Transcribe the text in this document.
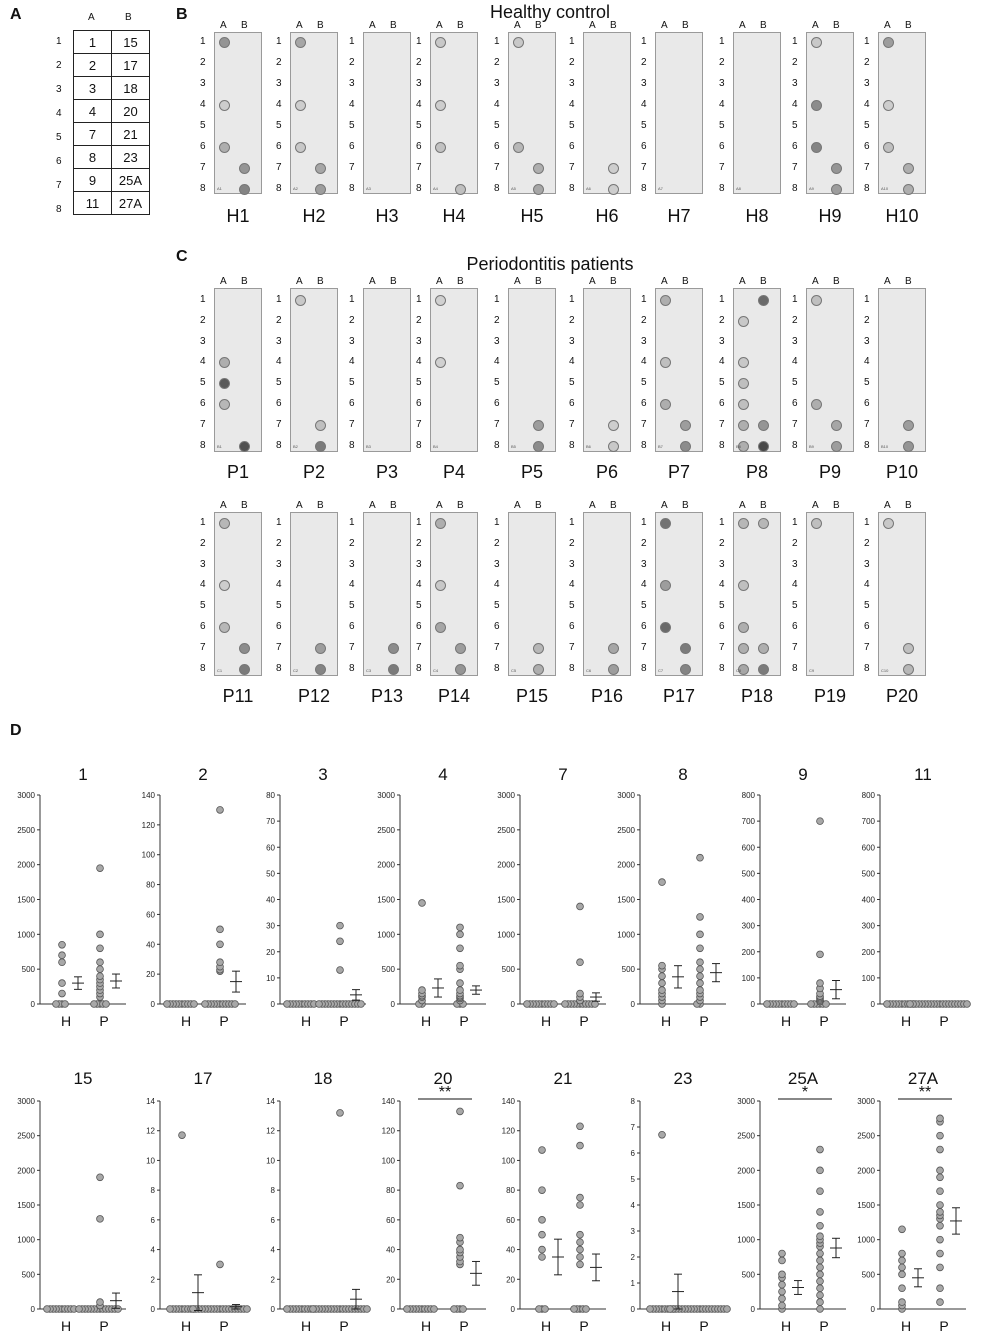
A	B
C
D
A	B
1
2
3
4
5
6
7
8
1	15
2	17
3	18
4	20
7	21
8	23
9	25A
11	27A
Healthy control
Periodontitis patients
A B
1
2
3
4
5
6
7
8	A1
H1
A B
1
2
3
4
5
6
7
8	A2
H2
A B
1
2
3
4
5
6
7
8	A3
H3
A B
1
2
3
4
5
6
7
8	A4
H4
A B
1
2
3
4
5
6
7
8	A5
H5
A B
1
2
3
4
5
6
7
8	A6
H6
A B
1
2
3
4
5
6
7
8	A7
H7
A B
1
2
3
4
5
6
7
8	A8
H8
A B
1
2
3
4
5
6
7
8	A9
H9
A B
1
2
3
4
5
6
7
8	A10
H10
A B
1
2
3
4
5
6
7
8	B1
P1
A B
1
2
3
4
5
6
7
8	B2
P2
A B
1
2
3
4
5
6
7
8	B3
P3
A B
1
2
3
4
5
6
7
8	B4
P4
A B
1
2
3
4
5
6
7
8	B5
P5
A B
1
2
3
4
5
6
7
8	B6
P6
A B
1
2
3
4
5
6
7
8	B7
P7
A B
1
2
3
4
5
6
7
8	B8
P8
A B
1
2
3
4
5
6
7
8	B9
P9
A B
1
2
3
4
5
6
7
8	B10
P10
A B
1
2
3
4
5
6
7
8	C1
P11
A B
1
2
3
4
5
6
7
8	C2
P12
A B
1
2
3
4
5
6
7
8	C3
P13
A B
1
2
3
4
5
6
7
8	C4
P14
A B
1
2
3
4
5
6
7
8	C5
P15
A B
1
2
3
4
5
6
7
8	C6
P16
A B
1
2
3
4
5
6
7
8	C7
P17
A B
1
2
3
4
5
6
7
8	C8
P18
A B
1
2
3
4
5
6
7
8	C9
P19
A B
1
2
3
4
5
6
7
8	C10
P20
1
0
500
1000
1500
2000
2500
3000
H P
2
0
20
40
60
80
100
120
140
H P
3
0
10
20
30
40
50
60
70
80
H P
4
0
500
1000
1500
2000
2500
3000
H P
7
0
500
1000
1500
2000
2500
3000
H P
8
0
500
1000
1500
2000
2500
3000
H P
9
0
100
200
300
400
500
600
700
800
H P
11
0
100
200
300
400
500
600
700
800
H P
15
0
500
1000
1500
2000
2500
3000
H P
17
0
2
4
6
8
10
12
14
H P
18
0
2
4
6
8
10
12
14
H P
20
0
20
40
60
80
100
120
140
H P
**
21
0
20
40
60
80
100
120
140
H P
23
0
1
2
3
4
5
6
7
8
H P
25A
0
500
1000
1500
2000
2500
3000
H P
*
27A
0
500
1000
1500
2000
2500
3000
H P
**
